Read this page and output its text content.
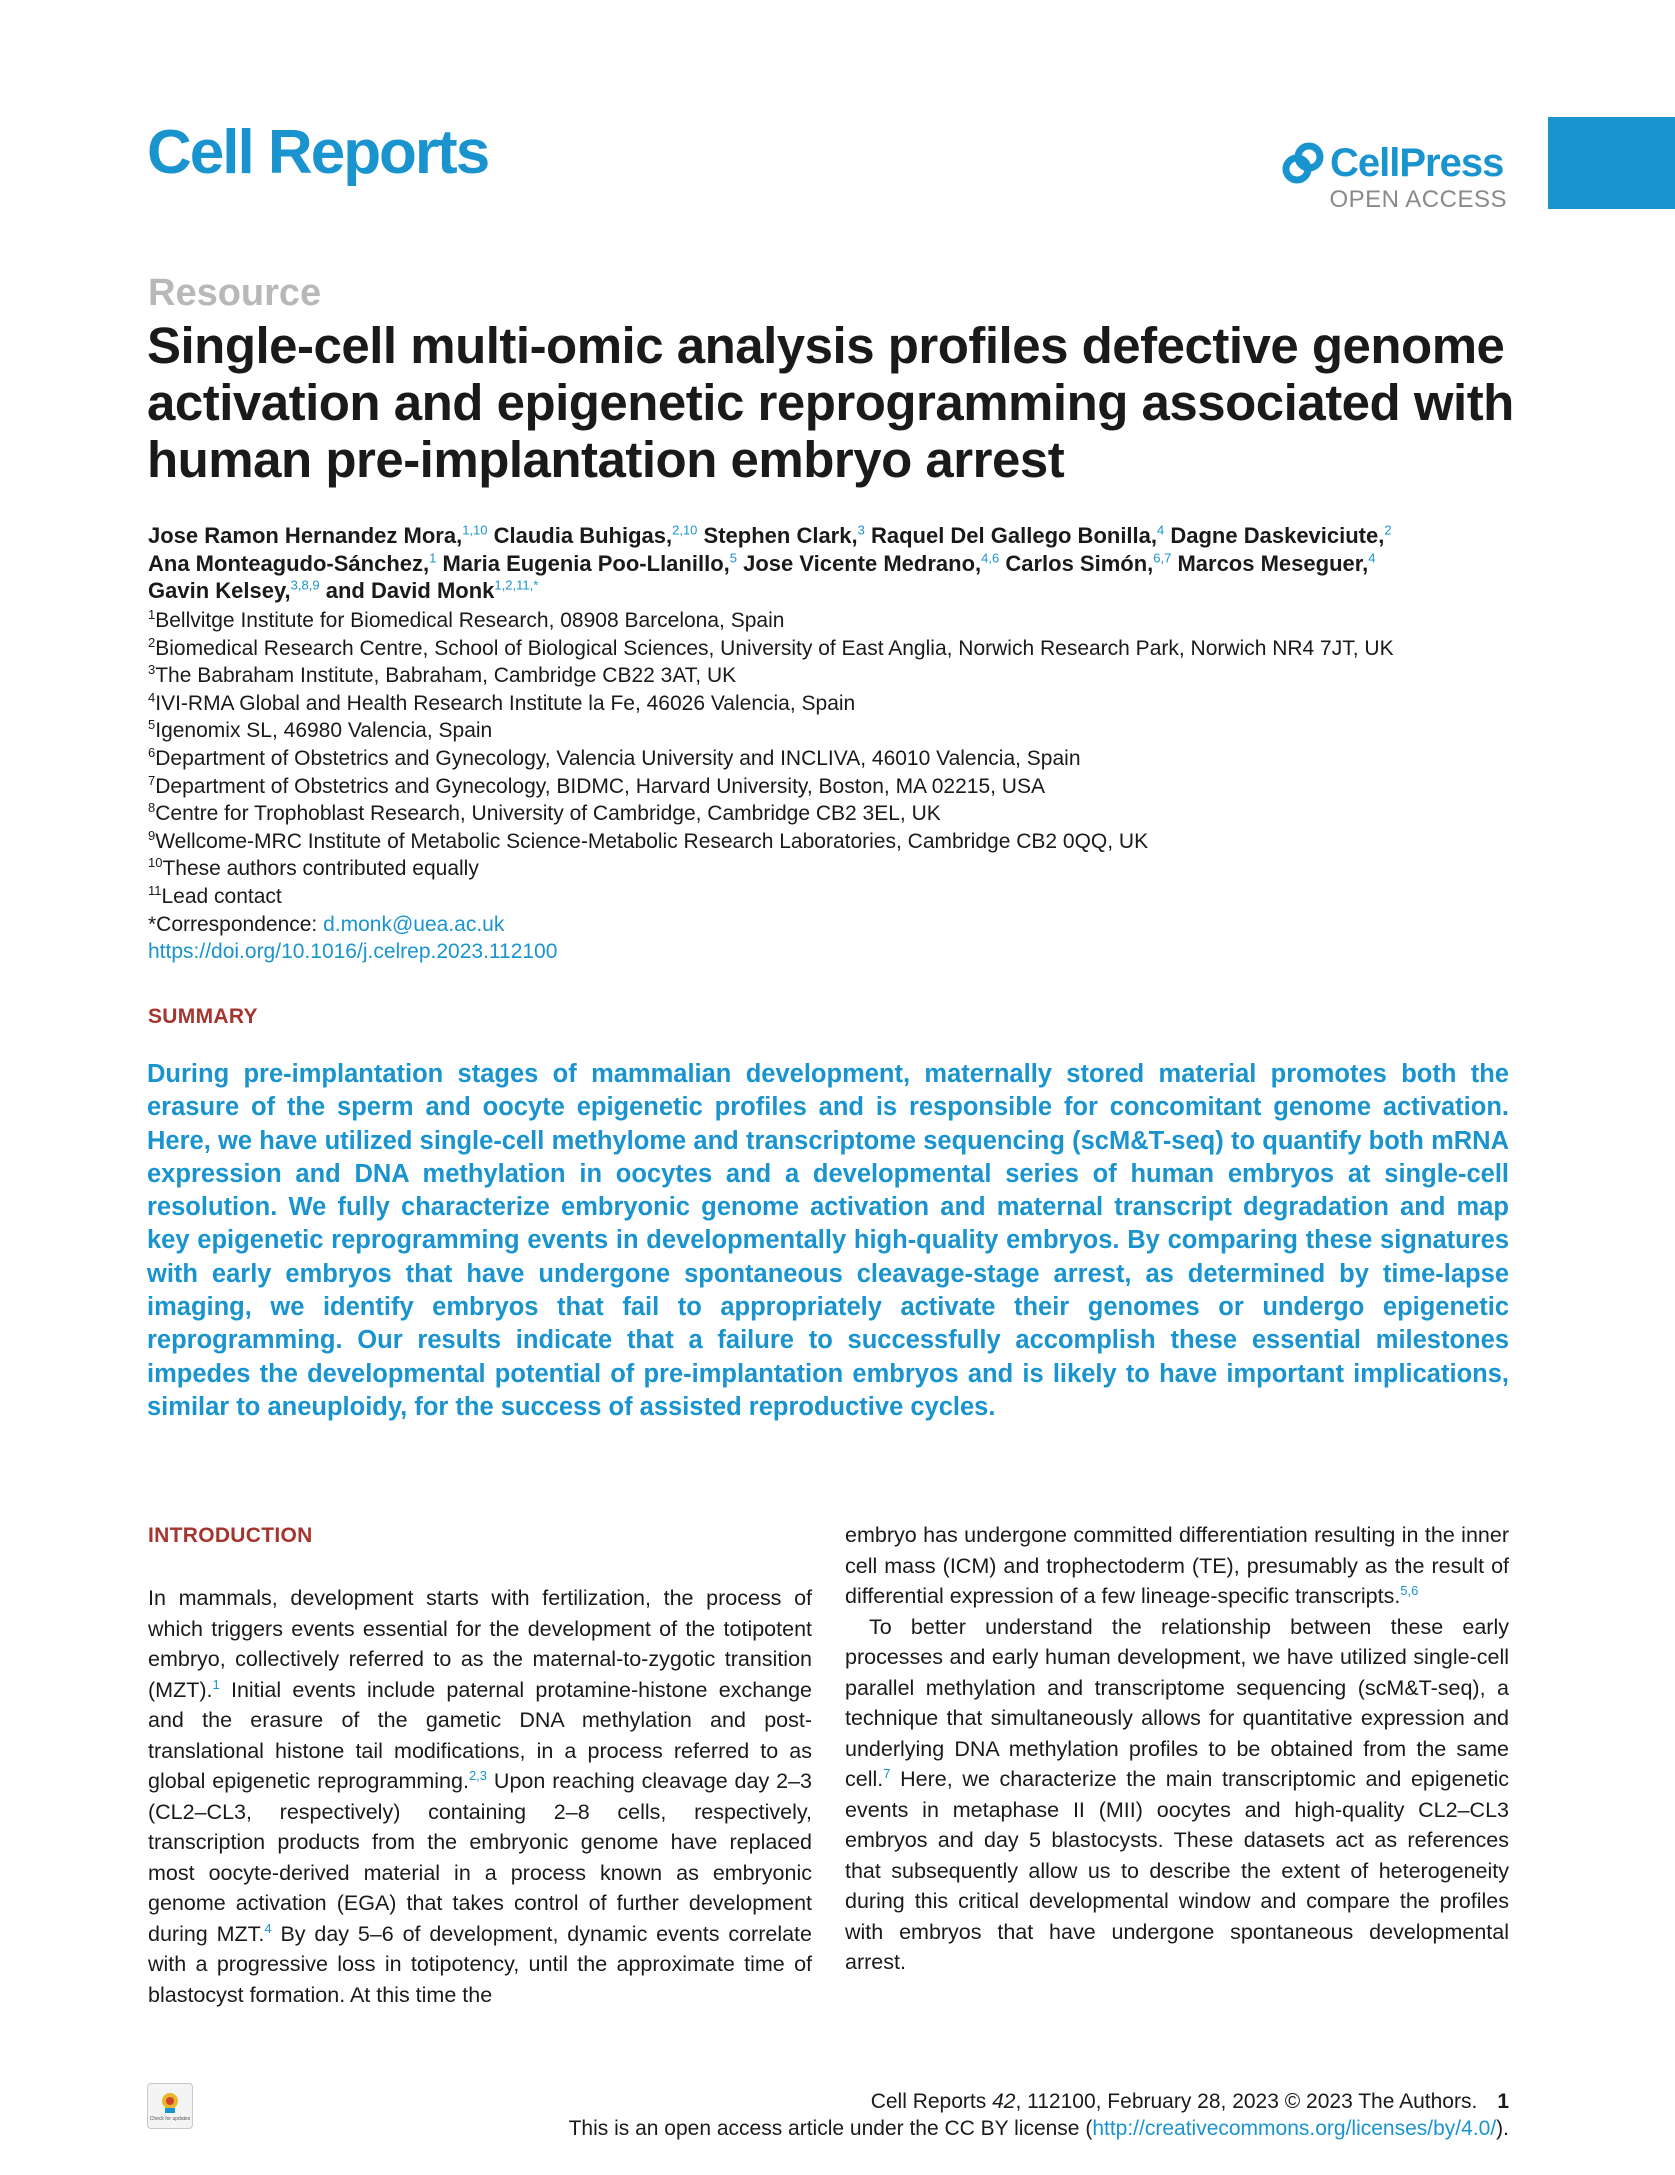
Cell Reports	CellPress
OPEN ACCESS
Resource
Single-cell multi-omic analysis profiles defective genome activation and epigenetic reprogramming associated with human pre-implantation embryo arrest
Jose Ramon Hernandez Mora,$^{1,10}$ Claudia Buhigas,$^{2,10}$ Stephen Clark,$^3$ Raquel Del Gallego Bonilla,$^4$ Dagne Daskeviciute,$^2$
Ana Monteagudo-Sánchez,$^1$ Maria Eugenia Poo-Llanillo,$^5$ Jose Vicente Medrano,$^{4,6}$ Carlos Simón,$^{6,7}$ Marcos Meseguer,$^4$
Gavin Kelsey,$^{3,8,9}$ and David Monk$^{1,2,11,*}$
$^1$Bellvitge Institute for Biomedical Research, 08908 Barcelona, Spain
$^2$Biomedical Research Centre, School of Biological Sciences, University of East Anglia, Norwich Research Park, Norwich NR4 7JT, UK
$^3$The Babraham Institute, Babraham, Cambridge CB22 3AT, UK
$^4$IVI-RMA Global and Health Research Institute la Fe, 46026 Valencia, Spain
$^5$Igenomix SL, 46980 Valencia, Spain
$^6$Department of Obstetrics and Gynecology, Valencia University and INCLIVA, 46010 Valencia, Spain
$^7$Department of Obstetrics and Gynecology, BIDMC, Harvard University, Boston, MA 02215, USA
$^8$Centre for Trophoblast Research, University of Cambridge, Cambridge CB2 3EL, UK
$^9$Wellcome-MRC Institute of Metabolic Science-Metabolic Research Laboratories, Cambridge CB2 0QQ, UK
$^{10}$These authors contributed equally
$^{11}$Lead contact
*Correspondence: d.monk@uea.ac.uk
https://doi.org/10.1016/j.celrep.2023.112100
SUMMARY
During pre-implantation stages of mammalian development, maternally stored material promotes both the erasure of the sperm and oocyte epigenetic profiles and is responsible for concomitant genome activation. Here, we have utilized single-cell methylome and transcriptome sequencing (scM&T-seq) to quantify both mRNA expression and DNA methylation in oocytes and a developmental series of human embryos at single-cell resolution. We fully characterize embryonic genome activation and maternal transcript degradation and map key epigenetic reprogramming events in developmentally high-quality embryos. By comparing these signatures with early embryos that have undergone spontaneous cleavage-stage arrest, as determined by time-lapse imaging, we identify embryos that fail to appropriately activate their genomes or undergo epigenetic reprogramming. Our results indicate that a failure to successfully accomplish these essential milestones impedes the developmental potential of pre-implantation embryos and is likely to have important implications, similar to aneuploidy, for the success of assisted reproductive cycles.
INTRODUCTION

In mammals, development starts with fertilization, the process of which triggers events essential for the development of the totipotent embryo, collectively referred to as the maternal-to-zygotic transition (MZT).$^1$ Initial events include paternal protamine-histone exchange and the erasure of the gametic DNA methylation and post-translational histone tail modifications, in a process referred to as global epigenetic reprogramming.$^{2,3}$ Upon reaching cleavage day 2–3 (CL2–CL3, respectively) containing 2–8 cells, respectively, transcription products from the embryonic genome have replaced most oocyte-derived material in a process known as embryonic genome activation (EGA) that takes control of further development during MZT.$^4$ By day 5–6 of development, dynamic events correlate with a progressive loss in totipotency, until the approximate time of blastocyst formation. At this time the

embryo has undergone committed differentiation resulting in the inner cell mass (ICM) and trophectoderm (TE), presumably as the result of differential expression of a few lineage-specific transcripts.$^{5,6}$

To better understand the relationship between these early processes and early human development, we have utilized single-cell parallel methylation and transcriptome sequencing (scM&T-seq), a technique that simultaneously allows for quantitative expression and underlying DNA methylation profiles to be obtained from the same cell.$^7$ Here, we characterize the main transcriptomic and epigenetic events in metaphase II (MII) oocytes and high-quality CL2–CL3 embryos and day 5 blastocysts. These datasets act as references that subsequently allow us to describe the extent of heterogeneity during this critical developmental window and compare the profiles with embryos that have undergone spontaneous developmental arrest.

Check for updates
Cell Reports 42, 112100, February 28, 2023 © 2023 The Authors. 1
This is an open access article under the CC BY license (http://creativecommons.org/licenses/by/4.0/).
